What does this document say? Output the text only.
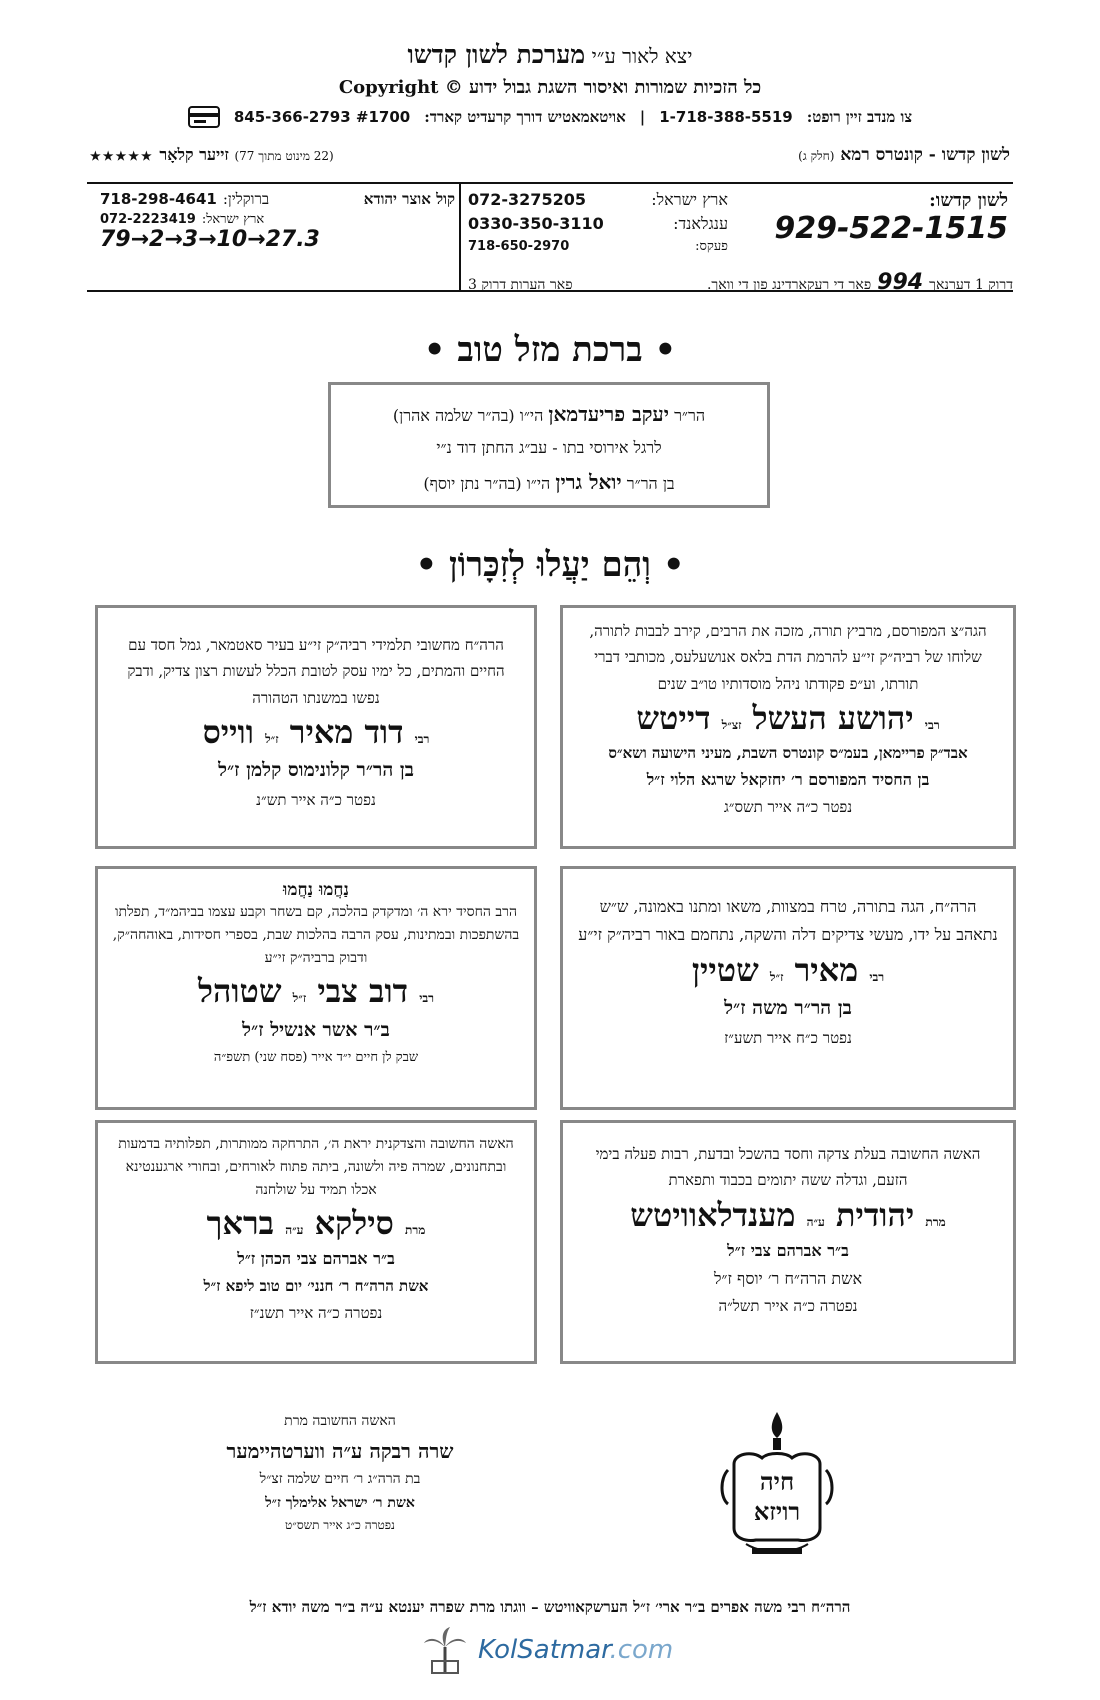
יצא לאור ע״י מערכת לשון קדשו
כל הזכיות שמורות ואיסור השגת גבול ידוע © Copyright
צו מנדב זיין רופט:
1-718-388-5519
|
אויטאמאטיש דורך קרעדיט קארד:
845-366-2793 #1700
לשון קדשו - קונטרס רמא (חלק ג)
(22 מינוט מתוך 77) זייער קלאָר ★★★★★
לשון קדשו:
929-522-1515
ארץ ישראל:
072-3275205
ענגלאנד:
0330-350-3110
פעקס:
718-650-2970
קול אוצר יהודא
ברוקלין:
718-298-4641
ארץ ישראל:
072-2223419
79→2→3→10→27.3
דרוק 1 דערנאך
994
פאר די רעקארדינג פון די וואך.
פאר הערות דרוק 3
• ברכת מזל טוב •
הר״ר יעקב פריעדמאן הי״ו (בה״ר שלמה אהרן)
לרגל אירוסי בתו - עב״ג החתן דוד נ״י
בן הר״ר יואל גרין הי״ו (בה״ר נתן יוסף)
• וְהֵם יַעֲלוּ לְזִכָּרוֹן •
הגה״צ המפורסם, מרביץ תורה, מזכה את הרבים, קירב לבבות לתורה, שלוחו של רביה״ק זי״ע להרמת הדת בלאס אנושעלעס, מכותבי דברי תורתו, וע״פ פקודתו ניהל מוסדותיו טו״ב שנים
רבי יהושע העשל זצ״ל דייטש
אבד״ק פריימאן, בעמ״ס קונטרס השבת, מעיני הישועה ושא״ס
בן החסיד המפורסם ר׳ יחזקאל שרגא הלוי ז״ל
נפטר כ״ה אייר תשס״ג
הרה״ח מחשובי תלמידי רביה״ק זי״ע בעיר סאטמאר, גמל חסד עם החיים והמתים, כל ימיו עסק לטובת הכלל לעשות רצון צדיק, ודבק נפשו במשנתו הטהורה
רבי דוד מאיר ז״ל ווייס
בן הר״ר קלונימוס קלמן ז״ל
נפטר כ״ה אייר תש״נ
הרה״ח, הגה בתורה, טרח במצוות, משאו ומתנו באמונה, ש״ש נתאהב על ידו, מעשי צדיקים דלה והשקה, נתחמם באור רביה״ק זי״ע
רבי מאיר ז״ל שטיין
בן הר״ר משה ז״ל
נפטר כ״ח אייר תשע״ז
נַחֲמוּ נַחֲמוּ
הרב החסיד ירא ה׳ ומדקדק בהלכה, קם בשחר וקבע עצמו בביהמ״ד, תפלתו בהשתפכות ובמתינות, עסק הרבה בהלכות שבת, בספרי חסידות, באוהחה״ק, ודבוק ברביה״ק זי״ע
רבי דוב צבי ז״ל שטוהל
ב״ר אשר אנשיל ז״ל
שבק לן חיים י״ד אייר (פסח שני) תשפ״ה
האשה החשובה בעלת צדקה וחסד בהשכל ובדעת, רבות פעלה בימי הזעם, וגדלה ששה יתומים בכבוד ותפארת
מרת יהודית ע״ה מענדלאוויטש
ב״ר אברהם צבי ז״ל
אשת הרה״ח ר׳ יוסף ז״ל
נפטרה כ״ה אייר תשל״ה
האשה החשובה והצדקנית יראת ה׳, התרחקה ממותרות, תפלותיה בדמעות ובתחנונים, שמרה פיה ולשונה, ביתה פתוח לאורחים, ובחורי ארגענטינא אכלו תמיד על שולחנה
מרת סילקא ע״ה בראך
ב״ר אברהם צבי הכהן ז״ל
אשת הרה״ח ר׳ חנני׳ יום טוב ליפא ז״ל
נפטרה כ״ה אייר תשנ״ז
האשה החשובה מרת
שרה רבקה ע״ה ווערטהיימער
בת הרה״ג ר׳ חיים שלמה זצ״ל
אשת ר׳ ישראל אלימלך ז״ל
נפטרה כ״ג אייר תשס״ט
חיה
רויזא
הרה״ח רבי משה אפרים ב״ר ארי׳ ז״ל הערשקאוויטש – ווגתו מרת שפרה יענטא ע״ה ב״ר משה יודא ז״ל
KolSatmar.com
